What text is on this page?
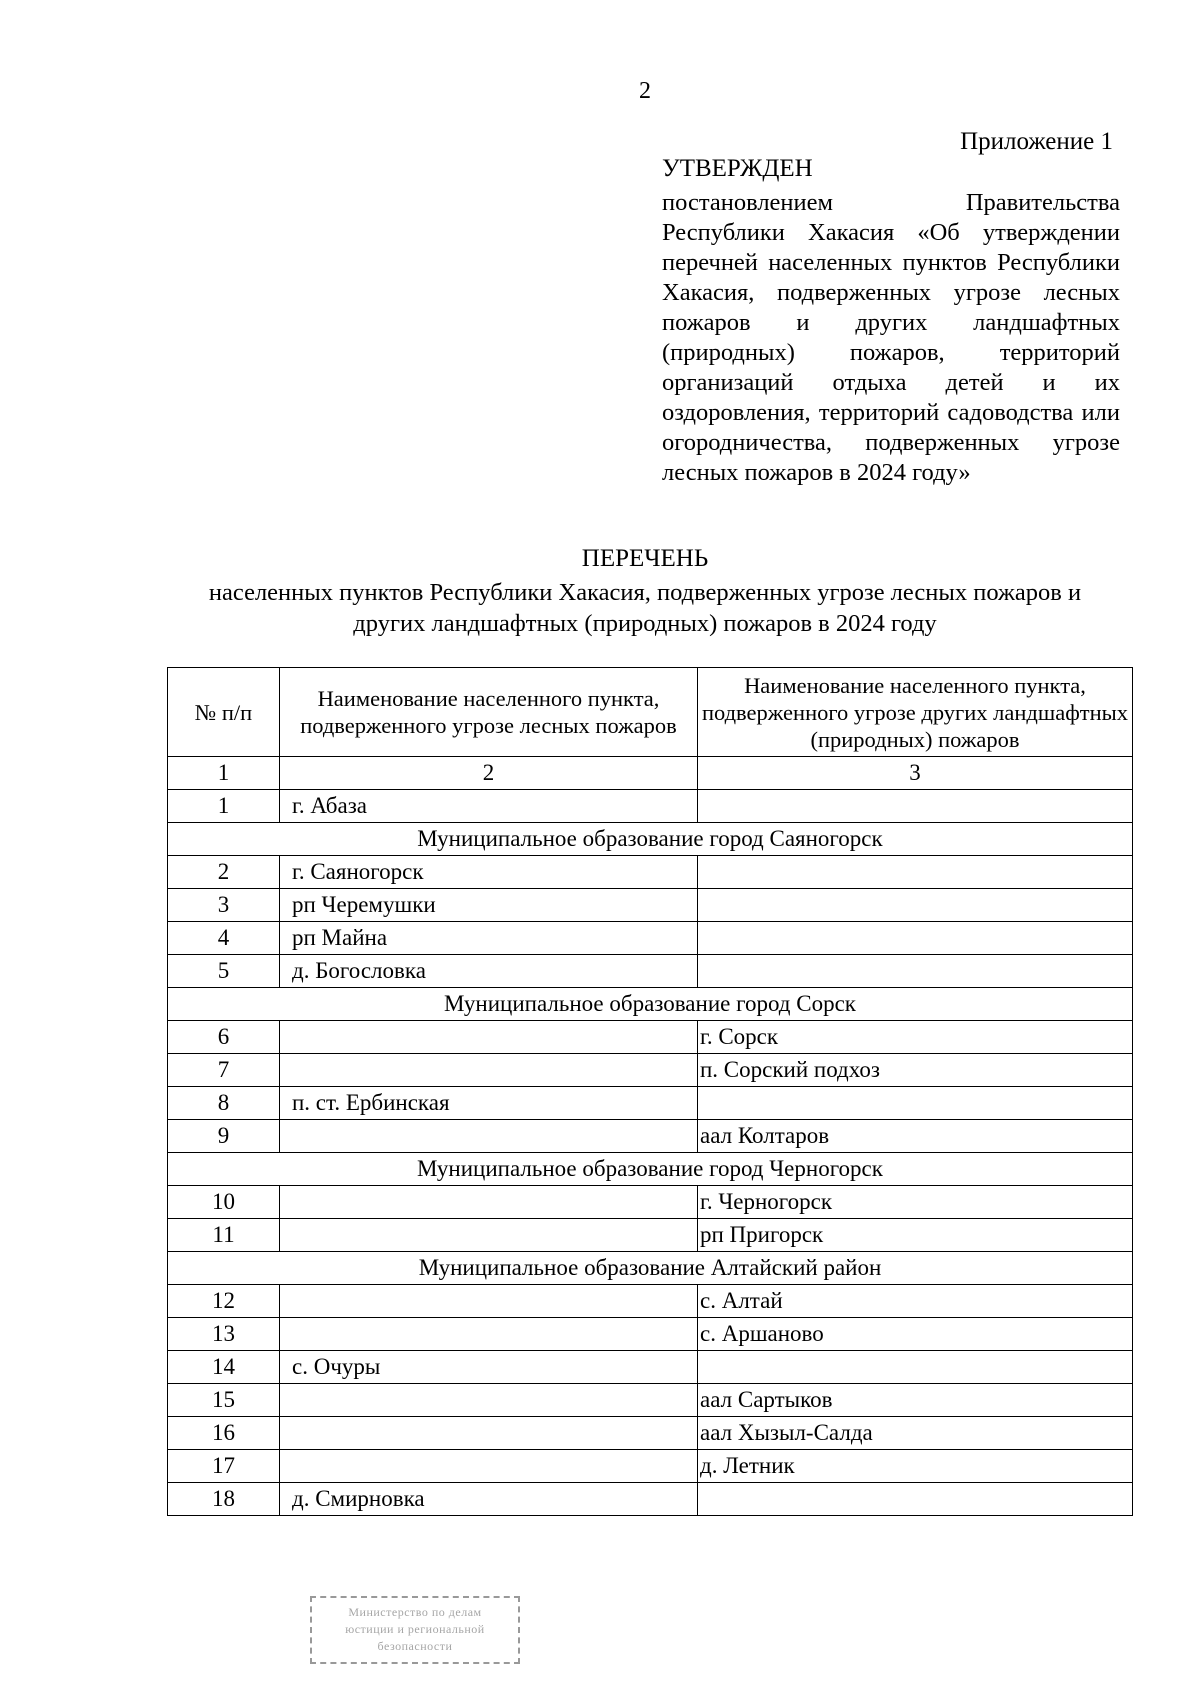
2
Приложение 1
УТВЕРЖДЕН
постановлением Правительства Республики Хакасия «Об утверждении перечней населенных пунктов Республики Хакасия, подверженных угрозе лесных пожаров и других ландшафтных (природных) пожаров, территорий организаций отдыха детей и их оздоровления, территорий садоводства или огородничества, подверженных угрозе лесных пожаров в 2024 году»
ПЕРЕЧЕНЬ
населенных пунктов Республики Хакасия, подверженных угрозе лесных пожаров и других ландшафтных (природных) пожаров в 2024 году
№ п/п	Наименование населенного пункта, подверженного угрозе лесных пожаров	Наименование населенного пункта, подверженного угрозе других ландшафтных (природных) пожаров
1	2	3
1	г. Абаза	
Муниципальное образование город Саяногорск		
2	г. Саяногорск	
3	рп Черемушки	
4	рп Майна	
5	д. Богословка	
Муниципальное образование город Сорск		
6		г. Сорск
7		п. Сорский подхоз
8	п. ст. Ербинская	
9		аал Колтаров
Муниципальное образование город Черногорск		
10		г. Черногорск
11		рп Пригорск
Муниципальное образование Алтайский район		
12		с. Алтай
13		с. Аршаново
14	с. Очуры	
15		аал Сартыков
16		аал Хызыл-Салда
17		д. Летник
18	д. Смирновка	
Министерство по делам
юстиции и региональной
безопасности
